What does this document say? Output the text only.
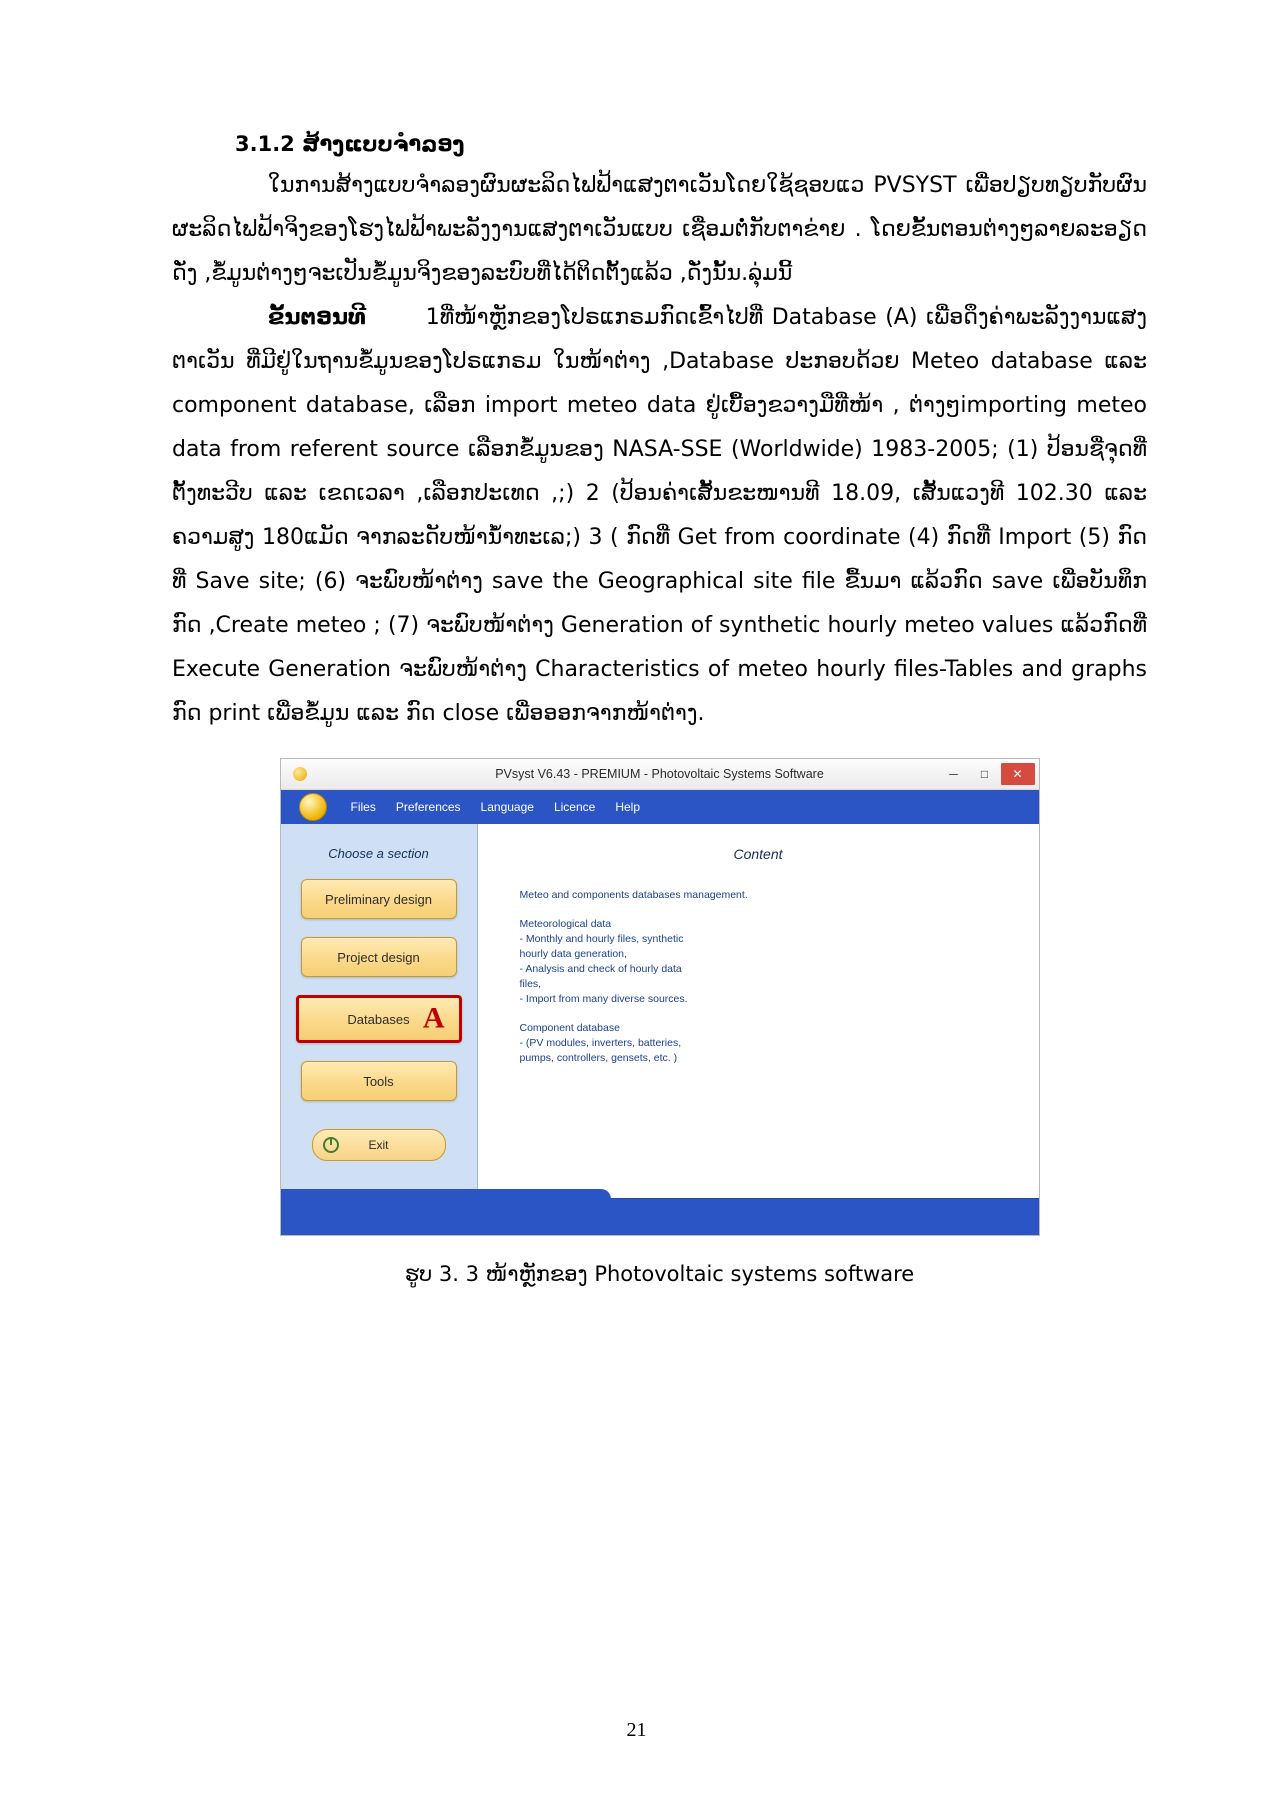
3.1.2 ສ້າງແບບຈຳລອງ

ໃນການສ້າງແບບຈຳລອງຜົນຜະລິດໄຟຟ້າແສງຕາເວັນໂດຍໃຊ້ຊອບແວ PVSYST ເພື່ອປຽບທຽບກັບຜົນຜະລິດໄຟຟ້າຈິງຂອງໂຮງໄຟຟ້າພະລັງງານແສງຕາເວັນແບບ ເຊື່ອມຕໍ່ກັບຕາຂ່າຍ . ໂດຍຂັ້ນຕອນຕ່າງໆລາຍລະອຽດດັ່ງ ,ຂໍ້ມູນຕ່າງໆຈະເປັນຂໍ້ມູນຈິງຂອງລະບົບທີ່ໄດ້ຕິດຕັ້ງແລ້ວ ,ດັ່ງນັ້ນ.ລຸ່ມນີ້

ຂັ້ນຕອນທີ	1ທີ່ໜ້າຫຼັກຂອງໂປຣແກຣມກົດເຂົ້າໄປທີ່ Database (A) ເພື່ອດຶງຄ່າພະລັງງານແສງຕາເວັນ ທີ່ມີຢູ່ໃນຖານຂໍ້ມູນຂອງໂປຣແກຣມ ໃນໜ້າຕ່າງ ,Database ປະກອບດ້ວຍ Meteo database ແລະ component database, ເລືອກ import meteo data ຢູ່ເບື້ອງຂວາງມືທີ່ໜ້າ , ຕ່າງໆimporting meteo data from referent source ເລືອກຂໍ້ມູນຂອງ NASA-SSE (Worldwide) 1983-2005; (1) ປ້ອນຊື່ຈຸດທີ່ຕັ້ງທະວີບ ແລະ ເຂດເວລາ ,ເລືອກປະເທດ ,;) 2 (ປ້ອນຄ່າເສັ້ນຂະໜານທີ 18.09, ເສັ້ນແວງທີ 102.30 ແລະ ຄວາມສູງ 180ແມັດ ຈາກລະດັບໜ້ານ້ຳທະເລ;) 3 ( ກົດທີ່ Get from coordinate (4) ກົດທີ່ Import (5) ກົດທີ່ Save site; (6) ຈະພົບໜ້າຕ່າງ save the Geographical site file ຂື້ນມາ ແລ້ວກົດ save ເພື່ອບັນທຶກ ກົດ ,Create meteo ; (7) ຈະພົບໜ້າຕ່າງ Generation of synthetic hourly meteo values ແລ້ວກົດທີ່ Execute Generation ຈະພົບໜ້າຕ່າງ Characteristics of meteo hourly files-Tables and graphs ກົດ print ເພື່ອຂໍ້ມູນ ແລະ ກົດ close ເພື່ອອອກຈາກໜ້າຕ່າງ.

PVsyst V6.43 - PREMIUM - Photovoltaic Systems Software	─	□	✕
Files	Preferences	Language	Licence	Help
Choose a section
Preliminary design
Project design
Databases A
Tools
Exit
Content

Meteo and components databases management.

Meteorological data
- Monthly and hourly files, synthetic
hourly data generation,
- Analysis and check of hourly data
files,
- Import from many diverse sources.

Component database
- (PV modules, inverters, batteries,
pumps, controllers, gensets, etc. )

ຮູບ 3. 3 ໜ້າຫຼັກຂອງ Photovoltaic systems software
21
